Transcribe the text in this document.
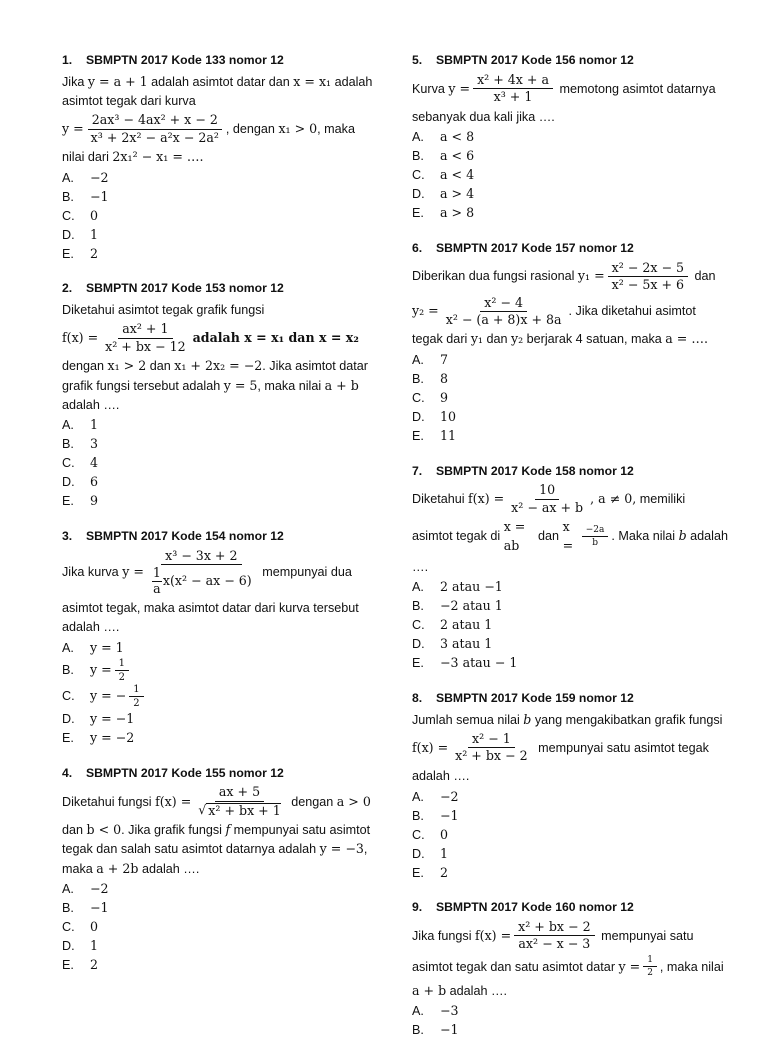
1. SBMPTN 2017 Kode 133 nomor 12
Jika y = a + 1 adalah asimtot datar dan x = x₁ adalah
asimtot tegak dari kurva
$y = \frac{\text{2ax³ − 4ax² + x − 2}}{\text{x³ + 2x² − a²x − 2a²}}$ , dengan x₁ > 0 , maka
nilai dari 2x₁² − x₁ = ….
A.	−2
B.	−1
C.	0
D.	1
E.	2
2. SBMPTN 2017 Kode 153 nomor 12
Diketahui asimtot tegak grafik fungsi
$f(x) = \frac{\text{ax² + 1}}{\text{x² + bx − 12}}$ adalah x = x₁ dan x = x₂
dengan x₁ > 2 dan x₁ + 2x₂ = −2. Jika asimtot datar
grafik fungsi tersebut adalah y = 5, maka nilai a + b
adalah ….
A.	1
B.	3
C.	4
D.	6
E.	9
3. SBMPTN 2017 Kode 154 nomor 12
Jika kurva $y = \frac{\text{x³ − 3x + 2}}{\frac{1}{a} x(x^2 - ax - 6)}$ mempunyai dua
asimtot tegak, maka asimtot datar dari kurva tersebut
adalah ….
A.	y = 1
B.	$y = \frac{1}{2}$
C.	y = − $\frac{1}{2}$
D.	y = −1
E.	y = −2
4. SBMPTN 2017 Kode 155 nomor 12
Diketahui fungsi $f(x) = \frac{ax + 5}{\text{√ x² + bx + 1}}$ dengan a > 0
dan b < 0. Jika grafik fungsi f mempunyai satu asimtot
tegak dan salah satu asimtot datarnya adalah y = −3,
maka a + 2b adalah ….
A.	−2
B.	−1
C.	0
D.	1
E.	2
5. SBMPTN 2017 Kode 156 nomor 12
Kurva $y = \frac{\text{x² + 4x + a}}{\text{x³ + 1}}$ memotong asimtot datarnya
sebanyak dua kali jika ….
A.	a < 8
B.	a < 6
C.	a < 4
D.	a > 4
E.	a > 8
6. SBMPTN 2017 Kode 157 nomor 12
Diberikan dua fungsi rasional $y_1 = \frac{\text{x² − 2x − 5}}{\text{x² − 5x + 6}}$ dan
$y_2 = \frac{\text{x² − 4}}{\text{x² − (a + 8)x + 8a}}$ . Jika diketahui asimtot
tegak dari y₁ dan y₂ berjarak 4 satuan, maka a = ….
A.	7
B.	8
C.	9
D.	10
E.	11
7. SBMPTN 2017 Kode 158 nomor 12
Diketahui $f(x) = \frac{10}{\text{x² − ax + b}}$ , a ≠ 0, memiliki
asimtot tegak di
x = ab
dan
$x = \frac{-2a}{b}$ . Maka nilai b adalah
….
A.	2 atau −1
B.	−2 atau 1
C.	2 atau 1
D.	3 atau 1
E.	−3 atau − 1
8. SBMPTN 2017 Kode 159 nomor 12
Jumlah semua nilai b yang mengakibatkan grafik fungsi
$f(x) = \frac{\text{x² − 1}}{\text{x² + bx − 2}}$ mempunyai satu asimtot tegak
adalah ….
A.	−2
B.	−1
C.	0
D.	1
E.	2
9. SBMPTN 2017 Kode 160 nomor 12
Jika fungsi $f(x) = \frac{\text{x² + bx − 2}}{\text{ax² − x − 3}}$ mempunyai satu
asimtot tegak dan satu asimtot datar $y = \frac{1}{2}$ , maka nilai
a + b adalah ….
A.	−3
B.	−1
